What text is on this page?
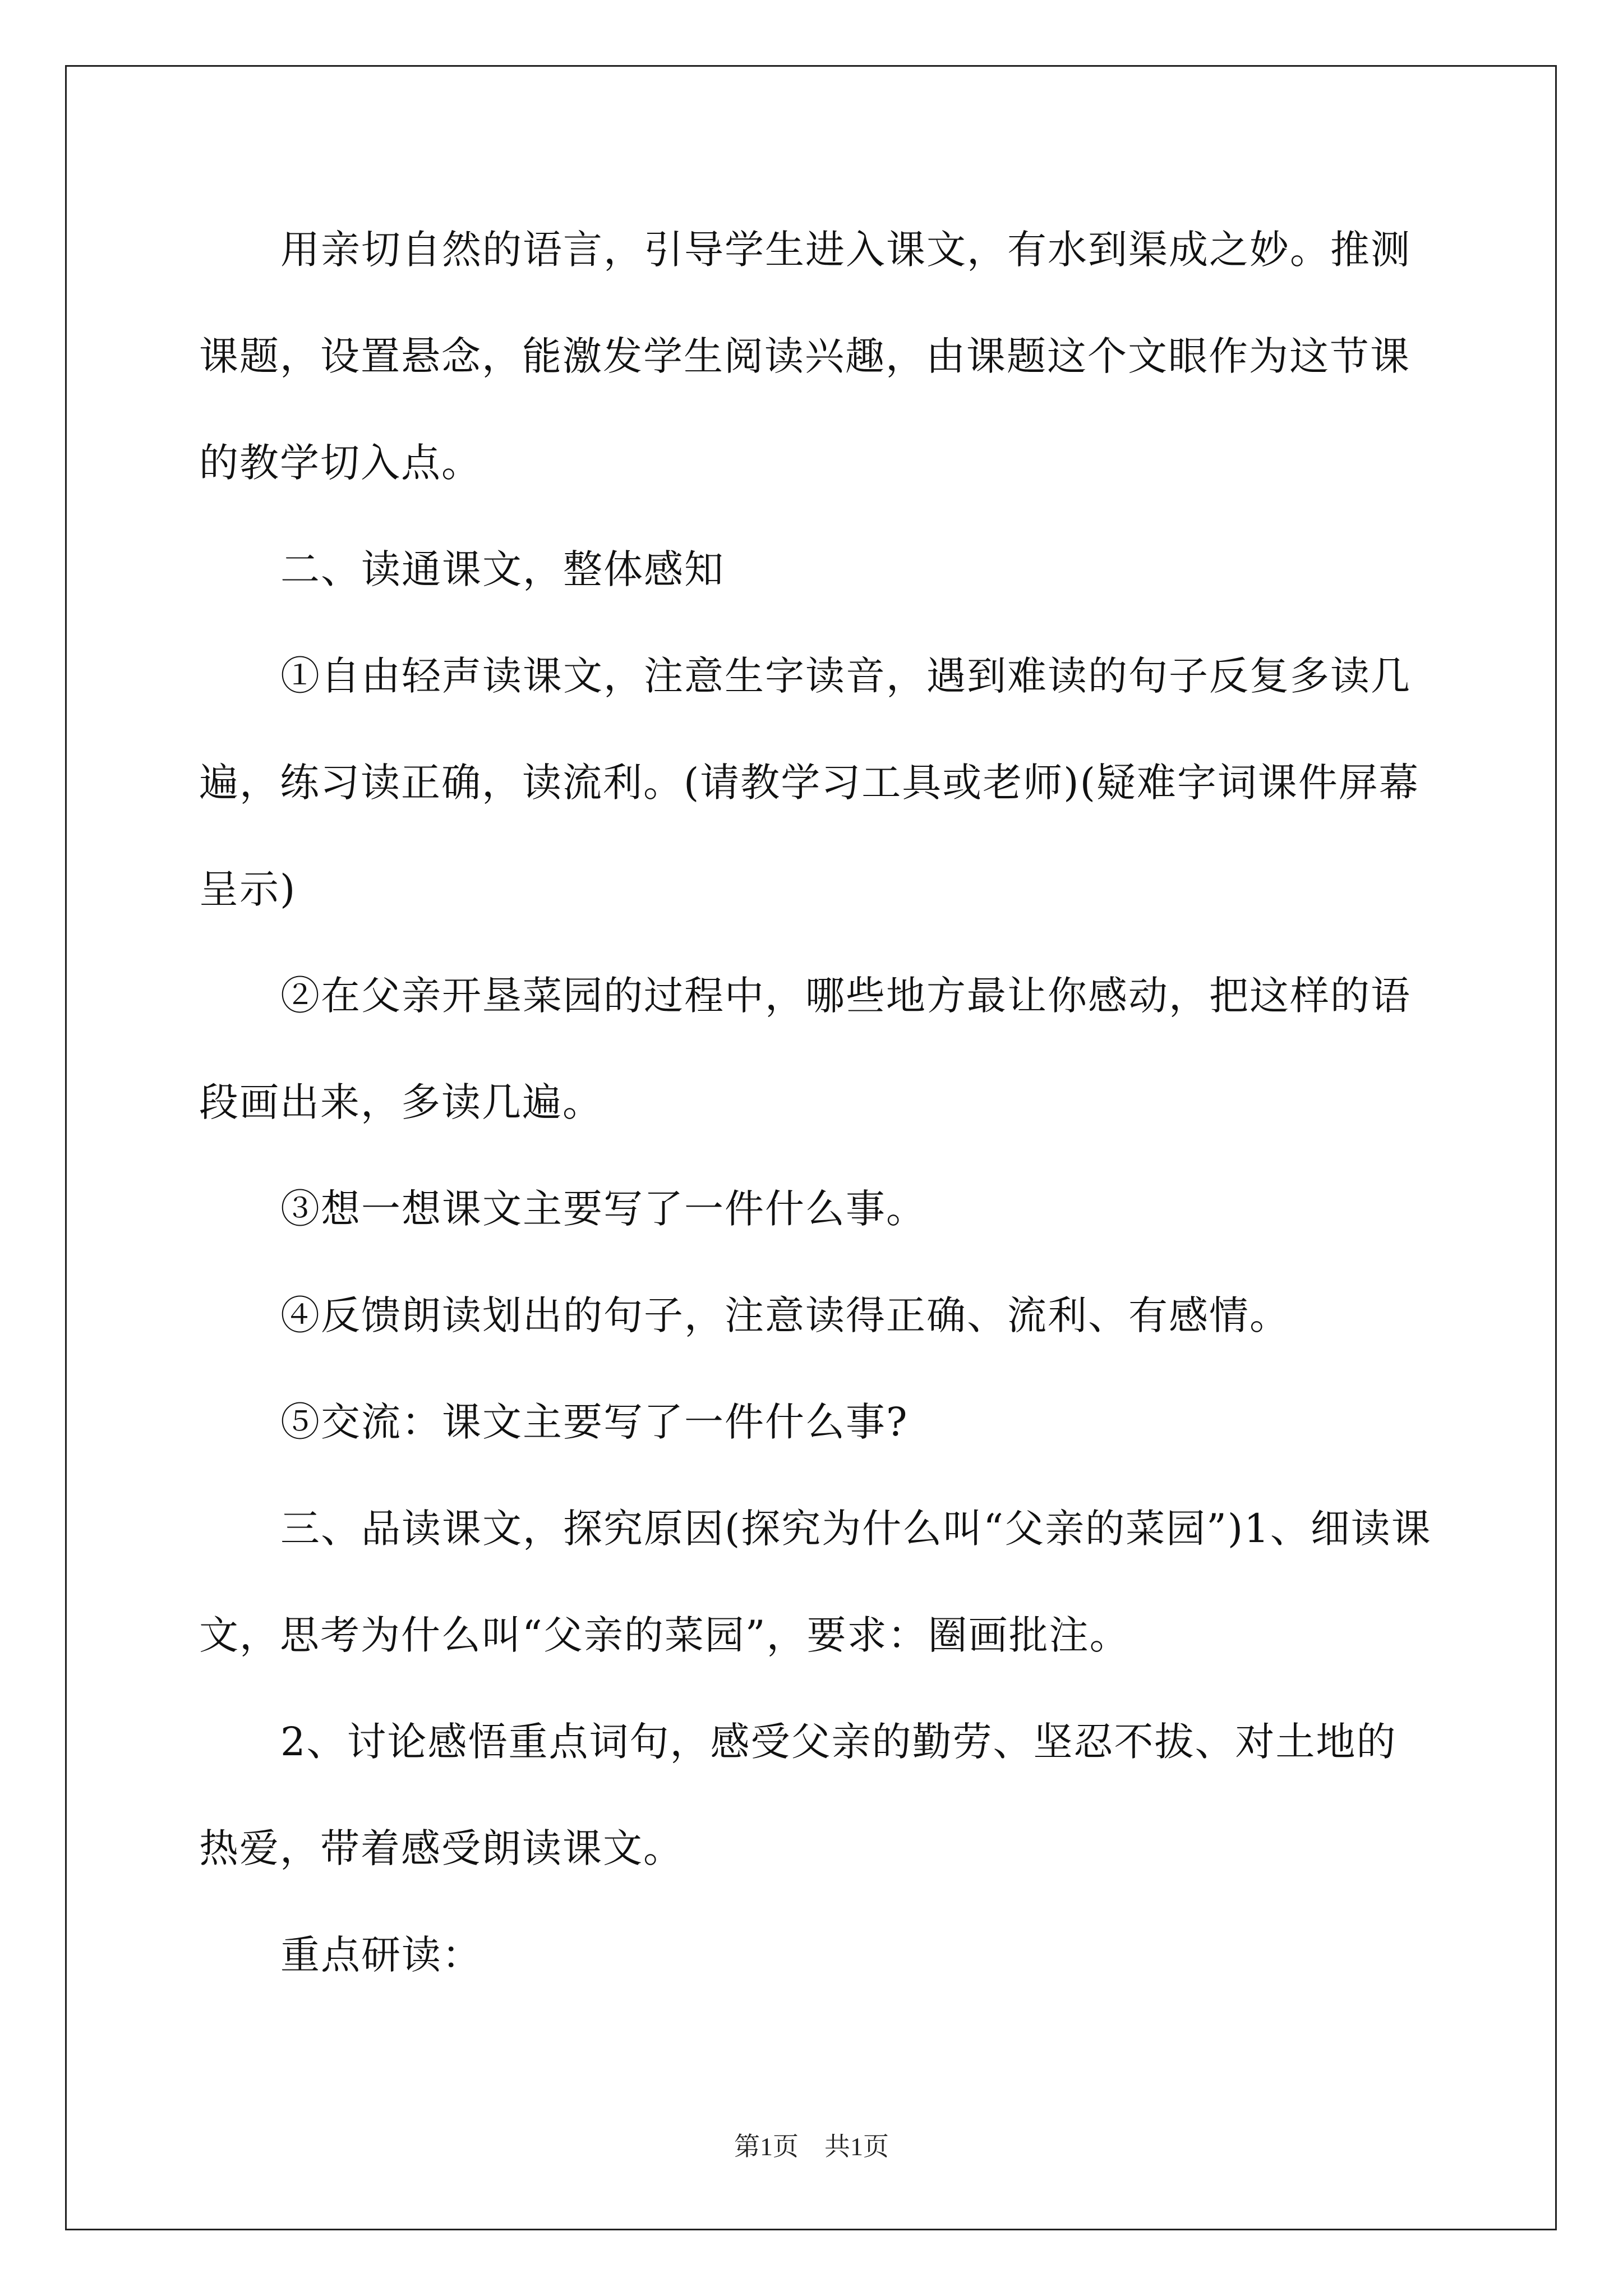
用亲切自然的语言，引导学生进入课文，有水到渠成之妙。推测课题，设置悬念，能激发学生阅读兴趣，由课题这个文眼作为这节课的教学切入点。

二、读通课文，整体感知

①自由轻声读课文，注意生字读音，遇到难读的句子反复多读几遍，练习读正确，读流利。(请教学习工具或老师)(疑难字词课件屏幕呈示)

②在父亲开垦菜园的过程中，哪些地方最让你感动，把这样的语段画出来，多读几遍。

③想一想课文主要写了一件什么事。

④反馈朗读划出的句子，注意读得正确、流利、有感情。

⑤交流：课文主要写了一件什么事?

三、品读课文，探究原因(探究为什么叫“父亲的菜园”)1、细读课文，思考为什么叫“父亲的菜园”，要求：圈画批注。

2、讨论感悟重点词句，感受父亲的勤劳、坚忍不拔、对土地的热爱，带着感受朗读课文。

重点研读：

第1页　共1页
